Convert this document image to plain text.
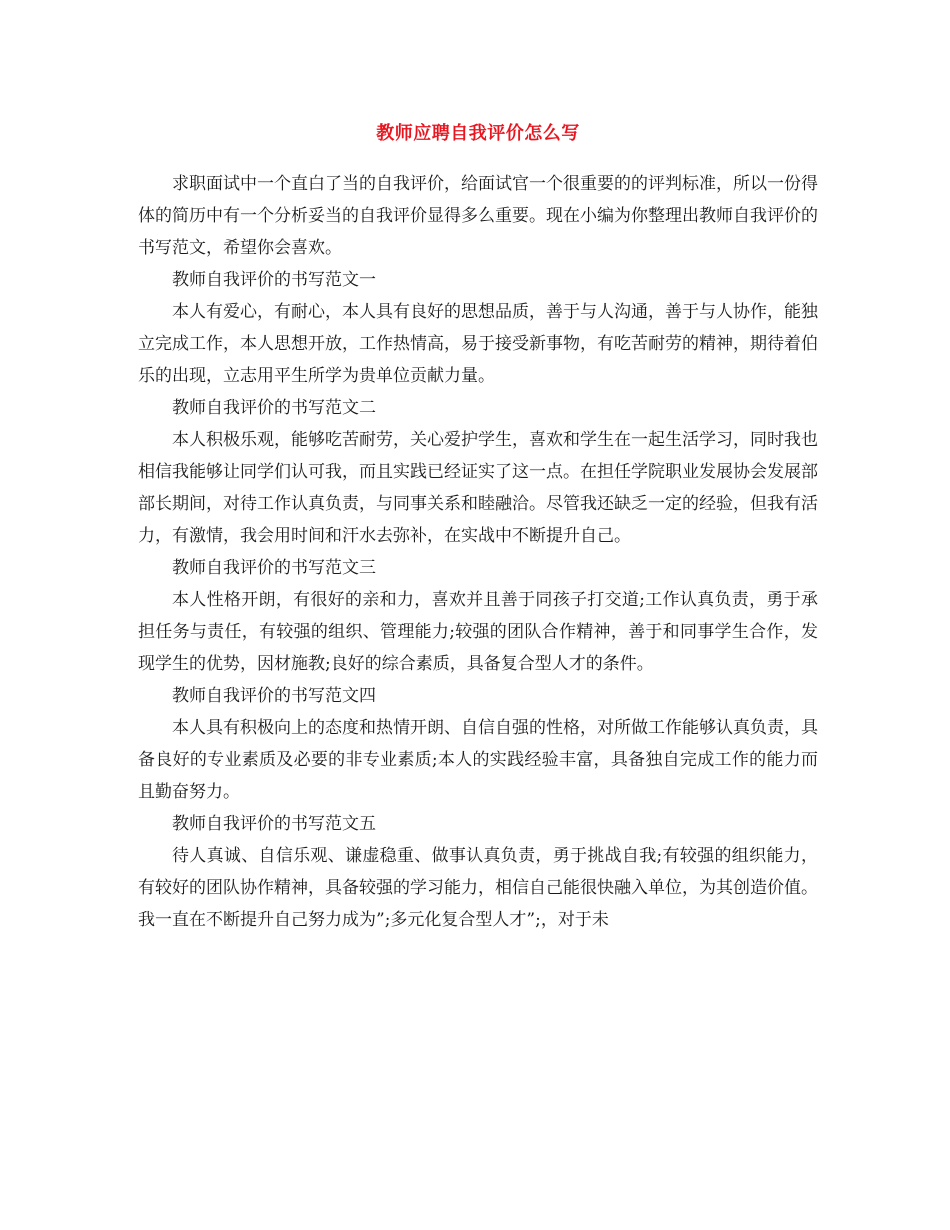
教师应聘自我评价怎么写

求职面试中一个直白了当的自我评价，给面试官一个很重要的的评判标准，所以一份得体的简历中有一个分析妥当的自我评价显得多么重要。现在小编为你整理出教师自我评价的书写范文，希望你会喜欢。

教师自我评价的书写范文一

本人有爱心，有耐心，本人具有良好的思想品质，善于与人沟通，善于与人协作，能独立完成工作，本人思想开放，工作热情高，易于接受新事物，有吃苦耐劳的精神，期待着伯乐的出现，立志用平生所学为贵单位贡献力量。

教师自我评价的书写范文二

本人积极乐观，能够吃苦耐劳，关心爱护学生，喜欢和学生在一起生活学习，同时我也相信我能够让同学们认可我，而且实践已经证实了这一点。在担任学院职业发展协会发展部部长期间，对待工作认真负责，与同事关系和睦融洽。尽管我还缺乏一定的经验，但我有活力，有激情，我会用时间和汗水去弥补，在实战中不断提升自己。

教师自我评价的书写范文三

本人性格开朗，有很好的亲和力，喜欢并且善于同孩子打交道;工作认真负责，勇于承担任务与责任，有较强的组织、管理能力;较强的团队合作精神，善于和同事学生合作，发现学生的优势，因材施教;良好的综合素质，具备复合型人才的条件。

教师自我评价的书写范文四

本人具有积极向上的态度和热情开朗、自信自强的性格，对所做工作能够认真负责，具备良好的专业素质及必要的非专业素质;本人的实践经验丰富，具备独自完成工作的能力而且勤奋努力。

教师自我评价的书写范文五

待人真诚、自信乐观、谦虚稳重、做事认真负责，勇于挑战自我;有较强的组织能力，有较好的团队协作精神，具备较强的学习能力，相信自己能很快融入单位，为其创造价值。我一直在不断提升自己努力成为”;多元化复合型人才”;，对于未
